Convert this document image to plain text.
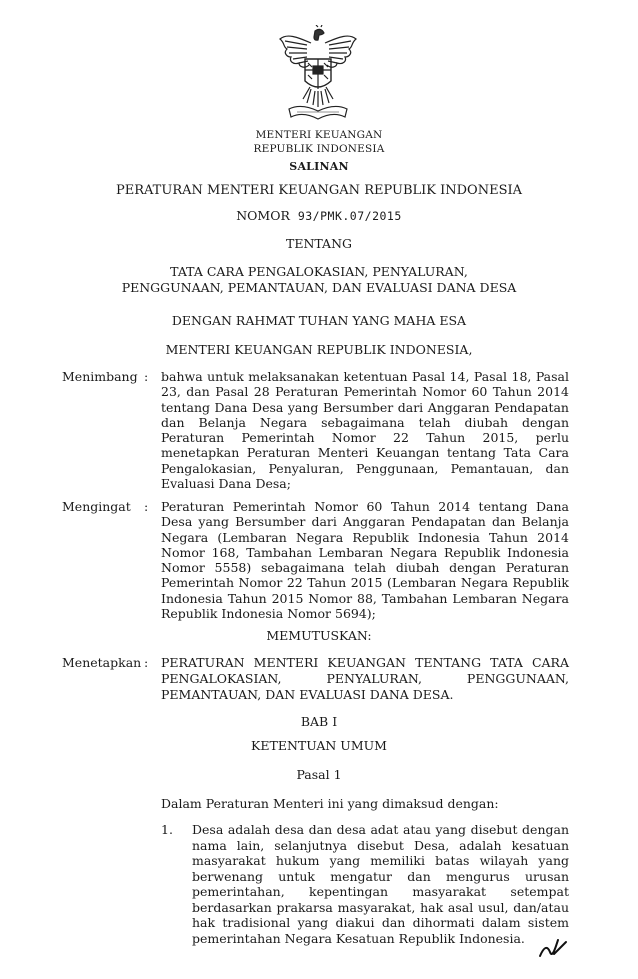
MENTERI KEUANGAN
REPUBLIK INDONESIA
SALINAN
PERATURAN MENTERI KEUANGAN REPUBLIK INDONESIA
NOMOR 93/PMK.07/2015
TENTANG
TATA CARA PENGALOKASIAN, PENYALURAN,
PENGGUNAAN, PEMANTAUAN, DAN EVALUASI DANA DESA
DENGAN RAHMAT TUHAN YANG MAHA ESA
MENTERI KEUANGAN REPUBLIK INDONESIA,
Menimbang : bahwa untuk melaksanakan ketentuan Pasal 14, Pasal 18, Pasal 23, dan Pasal 28 Peraturan Pemerintah Nomor 60 Tahun 2014 tentang Dana Desa yang Bersumber dari Anggaran Pendapatan dan Belanja Negara sebagaimana telah diubah dengan Peraturan Pemerintah Nomor 22 Tahun 2015, perlu menetapkan Peraturan Menteri Keuangan tentang Tata Cara Pengalokasian, Penyaluran, Penggunaan, Pemantauan, dan Evaluasi Dana Desa;

Mengingat : Peraturan Pemerintah Nomor 60 Tahun 2014 tentang Dana Desa yang Bersumber dari Anggaran Pendapatan dan Belanja Negara (Lembaran Negara Republik Indonesia Tahun 2014 Nomor 168, Tambahan Lembaran Negara Republik Indonesia Nomor 5558) sebagaimana telah diubah dengan Peraturan Pemerintah Nomor 22 Tahun 2015 (Lembaran Negara Republik Indonesia Tahun 2015 Nomor 88, Tambahan Lembaran Negara Republik Indonesia Nomor 5694);

MEMUTUSKAN:
Menetapkan : PERATURAN MENTERI KEUANGAN TENTANG TATA CARA PENGALOKASIAN, PENYALURAN, PENGGUNAAN, PEMANTAUAN, DAN EVALUASI DANA DESA.

BAB I
KETENTUAN UMUM
Pasal 1
Dalam Peraturan Menteri ini yang dimaksud dengan:
1. Desa adalah desa dan desa adat atau yang disebut dengan nama lain, selanjutnya disebut Desa, adalah kesatuan masyarakat hukum yang memiliki batas wilayah yang berwenang untuk mengatur dan mengurus urusan pemerintahan, kepentingan masyarakat setempat berdasarkan prakarsa masyarakat, hak asal usul, dan/atau hak tradisional yang diakui dan dihormati dalam sistem pemerintahan Negara Kesatuan Republik Indonesia.
